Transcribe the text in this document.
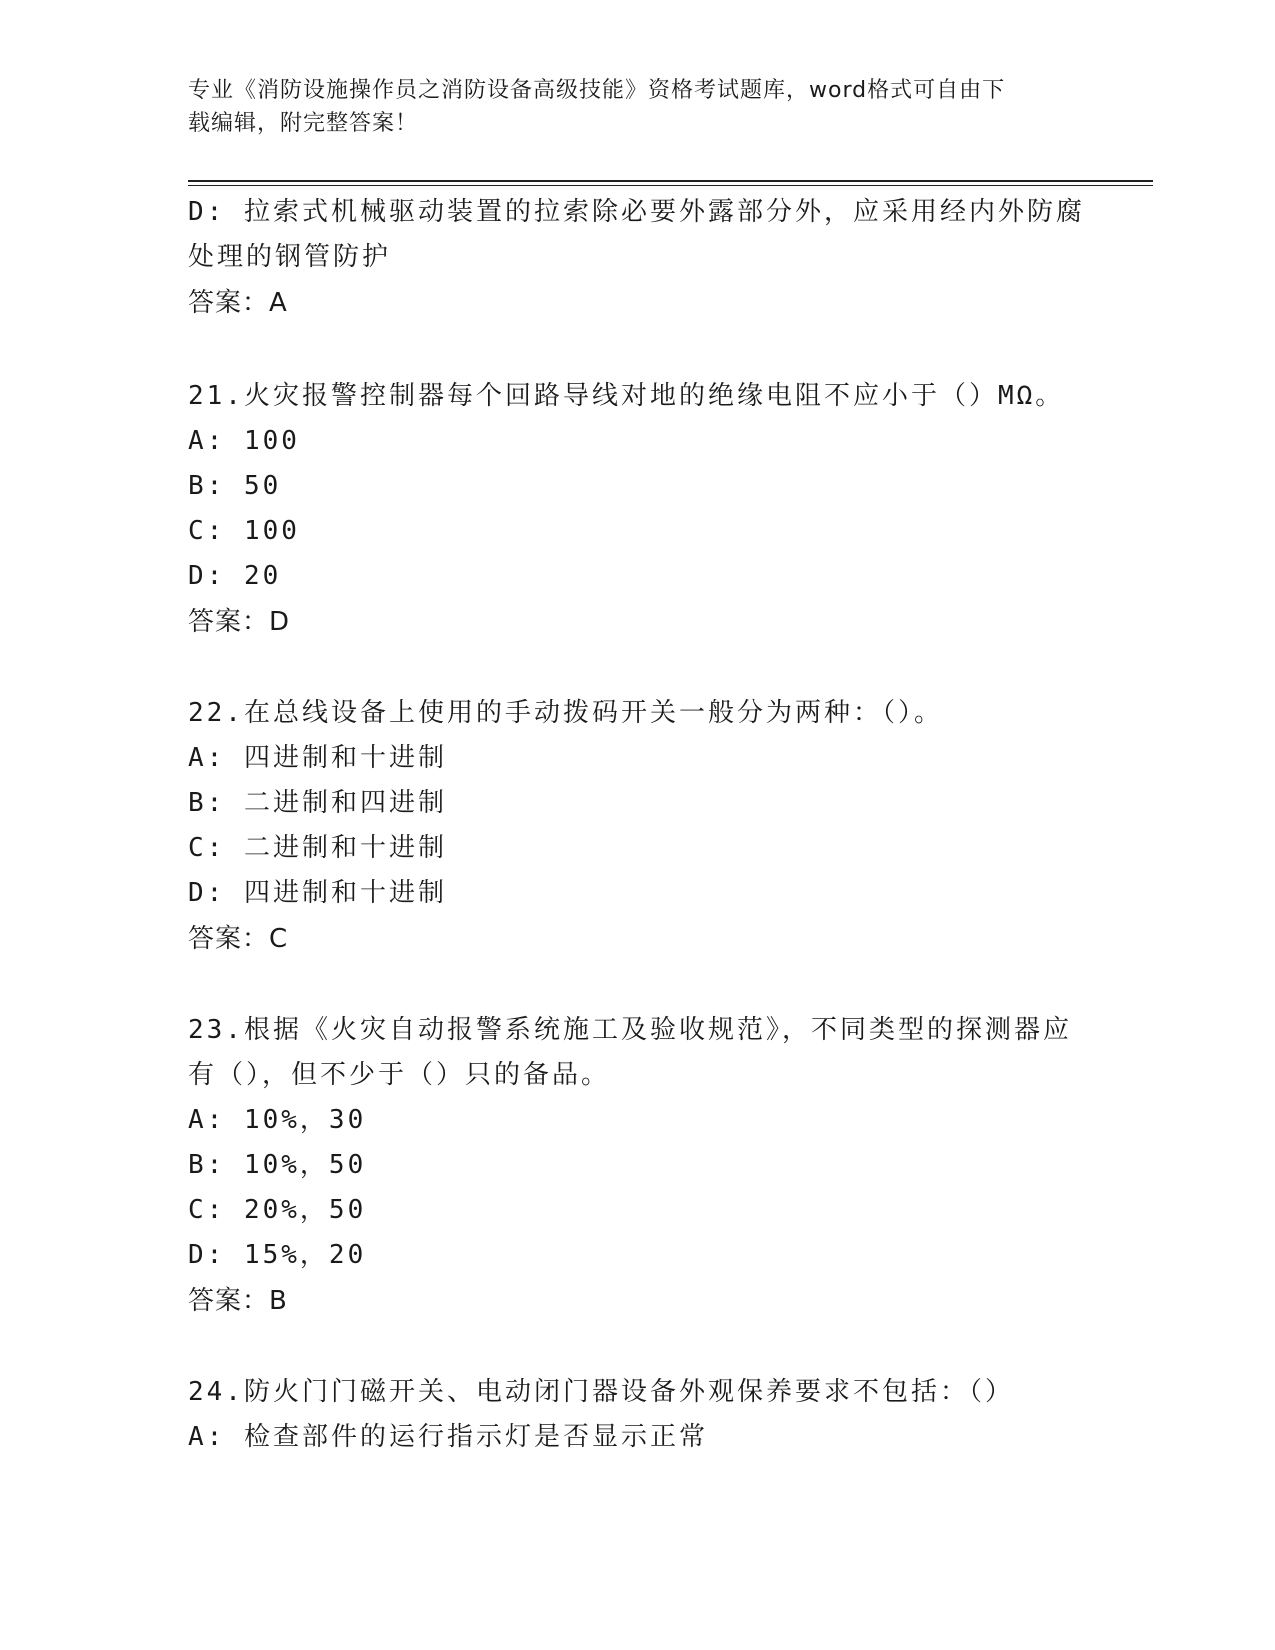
专业《消防设施操作员之消防设备高级技能》资格考试题库，word格式可自由下
载编辑，附完整答案！
D: 拉索式机械驱动装置的拉索除必要外露部分外，应采用经内外防腐
处理的钢管防护
答案：A
21.火灾报警控制器每个回路导线对地的绝缘电阻不应小于（）MΩ。
A: 100
B: 50
C: 100
D: 20
答案：D
22.在总线设备上使用的手动拨码开关一般分为两种：（）。
A: 四进制和十进制
B: 二进制和四进制
C: 二进制和十进制
D: 四进制和十进制
答案：C
23.根据《火灾自动报警系统施工及验收规范》，不同类型的探测器应
有（），但不少于（）只的备品。
A: 10%，30
B: 10%，50
C: 20%，50
D: 15%，20
答案：B
24.防火门门磁开关、电动闭门器设备外观保养要求不包括：（）
A: 检查部件的运行指示灯是否显示正常
